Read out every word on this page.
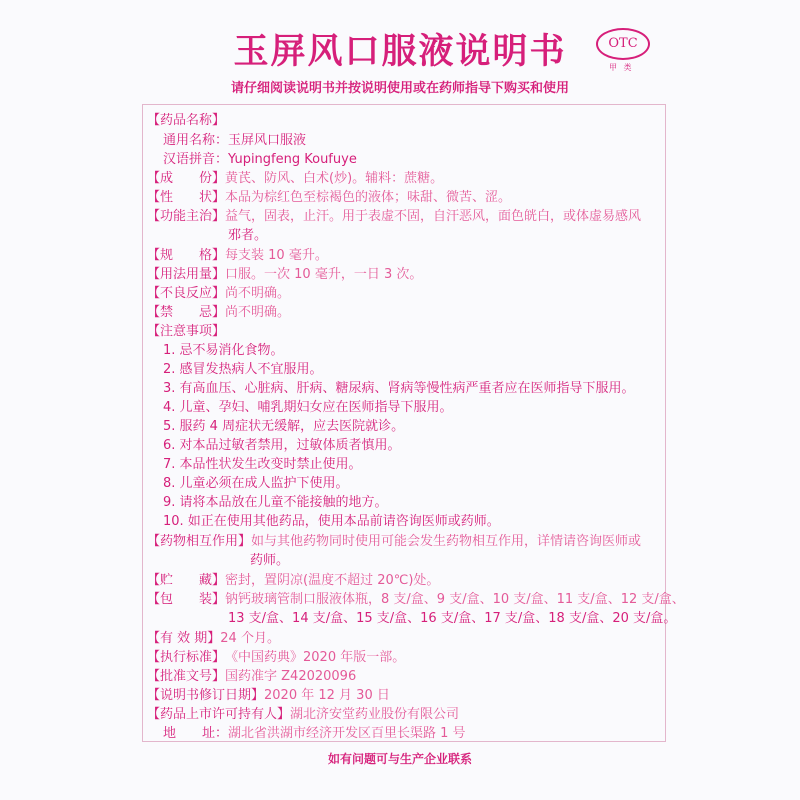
玉屏风口服液说明书
请仔细阅读说明书并按说明使用或在药师指导下购买和使用
OTC
甲 类
【药品名称】
通用名称：玉屏风口服液
汉语拼音：Yupingfeng Koufuye
【成　　份】黄芪、防风、白术(炒)。辅料：蔗糖。
【性　　状】本品为棕红色至棕褐色的液体；味甜、微苦、涩。
【功能主治】益气，固表，止汗。用于表虚不固，自汗恶风，面色㿠白，或体虚易感风
邪者。
【规　　格】每支装 10 毫升。
【用法用量】口服。一次 10 毫升，一日 3 次。
【不良反应】尚不明确。
【禁　　忌】尚不明确。
【注意事项】
1. 忌不易消化食物。
2. 感冒发热病人不宜服用。
3. 有高血压、心脏病、肝病、糖尿病、肾病等慢性病严重者应在医师指导下服用。
4. 儿童、孕妇、哺乳期妇女应在医师指导下服用。
5. 服药 4 周症状无缓解，应去医院就诊。
6. 对本品过敏者禁用，过敏体质者慎用。
7. 本品性状发生改变时禁止使用。
8. 儿童必须在成人监护下使用。
9. 请将本品放在儿童不能接触的地方。
10. 如正在使用其他药品，使用本品前请咨询医师或药师。
【药物相互作用】如与其他药物同时使用可能会发生药物相互作用，详情请咨询医师或
药师。
【贮　　藏】密封，置阴凉(温度不超过 20℃)处。
【包　　装】钠钙玻璃管制口服液体瓶，8 支/盒、9 支/盒、10 支/盒、11 支/盒、12 支/盒、
13 支/盒、14 支/盒、15 支/盒、16 支/盒、17 支/盒、18 支/盒、20 支/盒。
【有 效 期】24 个月。
【执行标准】《中国药典》2020 年版一部。
【批准文号】国药准字 Z42020096
【说明书修订日期】2020 年 12 月 30 日
【药品上市许可持有人】湖北济安堂药业股份有限公司
地　　址：湖北省洪湖市经济开发区百里长渠路 1 号
如有问题可与生产企业联系
